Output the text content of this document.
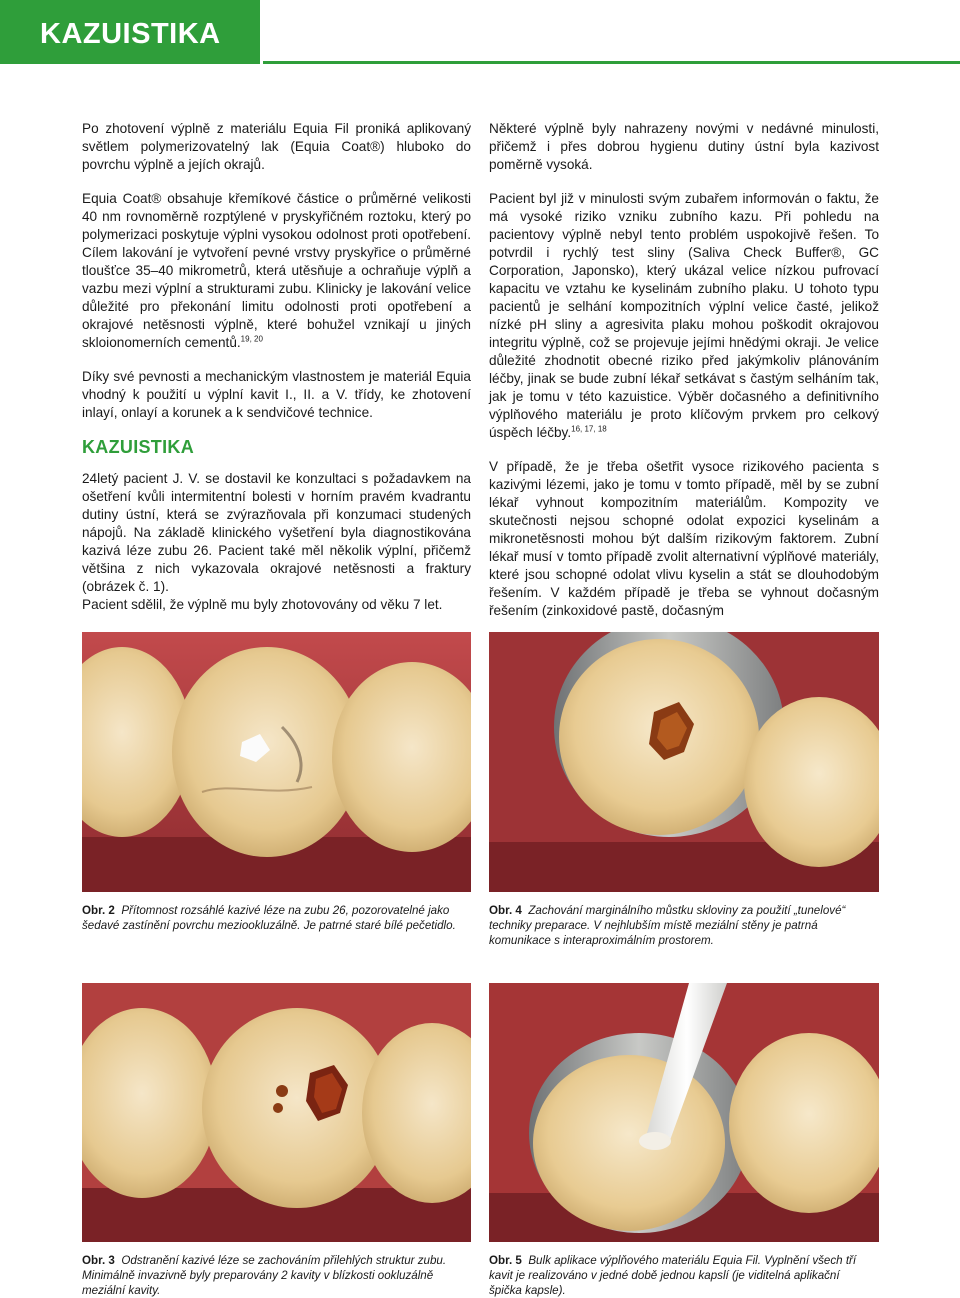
KAZUISTIKA

Po zhotovení výplně z materiálu Equia Fil proniká aplikovaný světlem polymerizovatelný lak (Equia Coat®) hluboko do povrchu výplně a jejích okrajů.

Equia Coat® obsahuje křemíkové částice o průměrné velikosti 40 nm rovnoměrně rozptýlené v pryskyřičném roztoku, který po polymerizaci poskytuje výplni vysokou odolnost proti opotřebení. Cílem lakování je vytvoření pevné vrstvy pryskyřice o průměrné tloušťce 35–40 mikrometrů, která utěsňuje a ochraňuje výplň a vazbu mezi výplní a strukturami zubu. Klinicky je lakování velice důležité pro překonání limitu odolnosti proti opotřebení a okrajové netěsnosti výplně, které bohužel vznikají u jiných skloionomerních cementů.$^{19, 20}$

Díky své pevnosti a mechanickým vlastnostem je materiál Equia vhodný k použití u výplní kavit I., II. a V. třídy, ke zhotovení inlayí, onlayí a korunek a k sendvičové technice.

KAZUISTIKA

24letý pacient J. V. se dostavil ke konzultaci s požadavkem na ošetření kvůli intermitentní bolesti v horním pravém kvadrantu dutiny ústní, která se zvýrazňovala při konzumaci studených nápojů. Na základě klinického vyšetření byla diagnostikována kazivá léze zubu 26. Pacient také měl několik výplní, přičemž většina z nich vykazovala okrajové netěsnosti a fraktury (obrázek č. 1).

Pacient sdělil, že výplně mu byly zhotovovány od věku 7 let.

Některé výplně byly nahrazeny novými v nedávné minulosti, přičemž i přes dobrou hygienu dutiny ústní byla kazivost poměrně vysoká.

Pacient byl již v minulosti svým zubařem informován o faktu, že má vysoké riziko vzniku zubního kazu. Při pohledu na pacientovy výplně nebyl tento problém uspokojivě řešen. To potvrdil i rychlý test sliny (Saliva Check Buffer®, GC Corporation, Japonsko), který ukázal velice nízkou pufrovací kapacitu ve vztahu ke kyselinám zubního plaku. U tohoto typu pacientů je selhání kompozitních výplní velice časté, jelikož nízké pH sliny a agresivita plaku mohou poškodit okrajovou integritu výplně, což se projevuje jejími hnědými okraji. Je velice důležité zhodnotit obecné riziko před jakýmkoliv plánováním léčby, jinak se bude zubní lékař setkávat s častým selháním tak, jak je tomu v této kazuistice. Výběr dočasného a definitivního výplňového materiálu je proto klíčovým prvkem pro celkový úspěch léčby.$^{16, 17, 18}$

V případě, že je třeba ošetřit vysoce rizikového pacienta s kazivými lézemi, jako je tomu v tomto případě, měl by se zubní lékař vyhnout kompozitním materiálům. Kompozity ve skutečnosti nejsou schopné odolat expozici kyselinám a mikronetěsnosti mohou být dalším rizikovým faktorem. Zubní lékař musí v tomto případě zvolit alternativní výplňové materiály, které jsou schopné odolat vlivu kyselin a stát se dlouhodobým řešením. V každém případě je třeba se vyhnout dočasným řešením (zinkoxidové pastě, dočasným

Obr. 2 Přítomnost rozsáhlé kazivé léze na zubu 26, pozorovatelné jako šedavé zastínění povrchu meziookluzálně. Je patrné staré bílé pečetidlo.
Obr. 4 Zachování marginálního můstku skloviny za použití „tunelové“ techniky preparace. V nejhlubším místě meziální stěny je patrná komunikace s interaproximálním prostorem.
Obr. 3 Odstranění kazivé léze se zachováním přilehlých struktur zubu. Minimálně invazivně byly preparovány 2 kavity v blízkosti ookluzálně meziální kavity.
Obr. 5 Bulk aplikace výplňového materiálu Equia Fil. Vyplnění všech tří kavit je realizováno v jedné době jednou kapslí (je viditelná aplikační špička kapsle).
